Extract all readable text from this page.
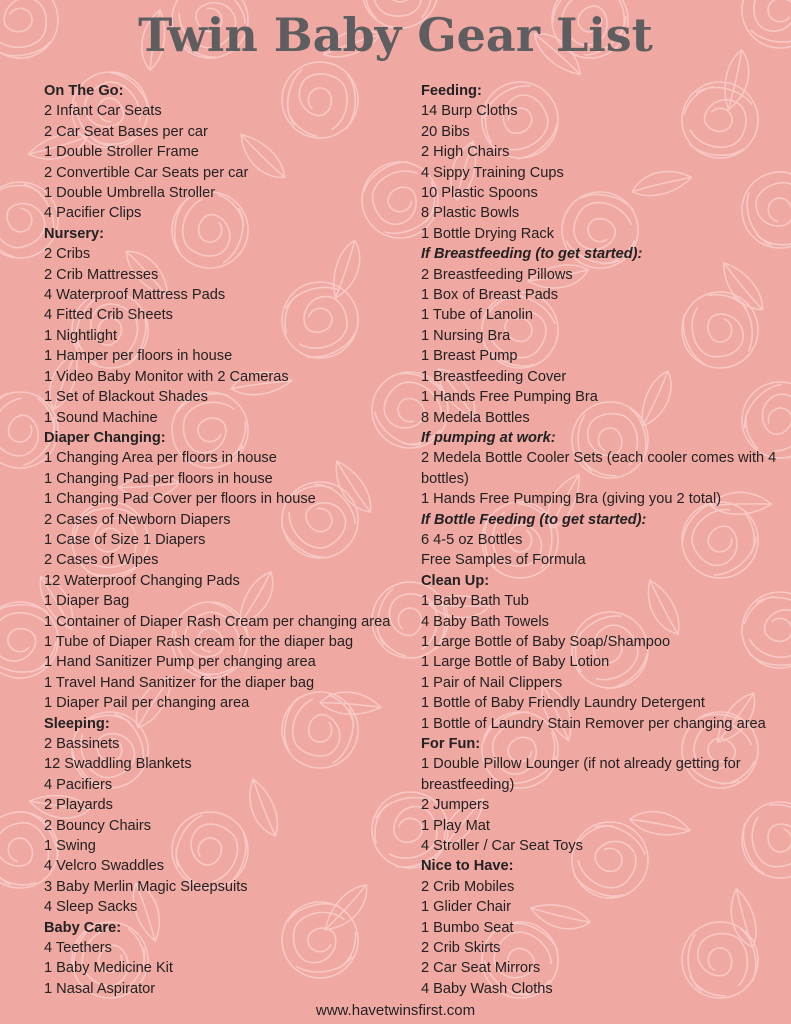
Twin Baby Gear List
On The Go:
2 Infant Car Seats
2 Car Seat Bases per car
1 Double Stroller Frame
2 Convertible Car Seats per car
1 Double Umbrella Stroller
4 Pacifier Clips
Nursery:
2 Cribs
2 Crib Mattresses
4 Waterproof Mattress Pads
4 Fitted Crib Sheets
1 Nightlight
1 Hamper per floors in house
1 Video Baby Monitor with 2 Cameras
1 Set of Blackout Shades
1 Sound Machine
Diaper Changing:
1 Changing Area per floors in house
1 Changing Pad per floors in house
1 Changing Pad Cover per floors in house
2 Cases of Newborn Diapers
1 Case of Size 1 Diapers
2 Cases of Wipes
12 Waterproof Changing Pads
1 Diaper Bag
1 Container of Diaper Rash Cream per changing area
1 Tube of Diaper Rash cream for the diaper bag
1 Hand Sanitizer Pump per changing area
1 Travel Hand Sanitizer for the diaper bag
1 Diaper Pail per changing area
Sleeping:
2 Bassinets
12 Swaddling Blankets
4 Pacifiers
2 Playards
2 Bouncy Chairs
1 Swing
4 Velcro Swaddles
3 Baby Merlin Magic Sleepsuits
4 Sleep Sacks
Baby Care:
4 Teethers
1 Baby Medicine Kit
1 Nasal Aspirator
Feeding:
14 Burp Cloths
20 Bibs
2 High Chairs
4 Sippy Training Cups
10 Plastic Spoons
8 Plastic Bowls
1 Bottle Drying Rack
If Breastfeeding (to get started):
2 Breastfeeding Pillows
1 Box of Breast Pads
1 Tube of Lanolin
1 Nursing Bra
1 Breast Pump
1 Breastfeeding Cover
1 Hands Free Pumping Bra
8 Medela Bottles
If pumping at work:
2 Medela Bottle Cooler Sets (each cooler comes with 4 bottles)
1 Hands Free Pumping Bra (giving you 2 total)
If Bottle Feeding (to get started):
6 4-5 oz Bottles
Free Samples of Formula
Clean Up:
1 Baby Bath Tub
4 Baby Bath Towels
1 Large Bottle of Baby Soap/Shampoo
1 Large Bottle of Baby Lotion
1 Pair of Nail Clippers
1 Bottle of Baby Friendly Laundry Detergent
1 Bottle of Laundry Stain Remover per changing area
For Fun:
1 Double Pillow Lounger (if not already getting for breastfeeding)
2 Jumpers
1 Play Mat
4 Stroller / Car Seat Toys
Nice to Have:
2 Crib Mobiles
1 Glider Chair
1 Bumbo Seat
2 Crib Skirts
2 Car Seat Mirrors
4 Baby Wash Cloths
www.havetwinsfirst.com
